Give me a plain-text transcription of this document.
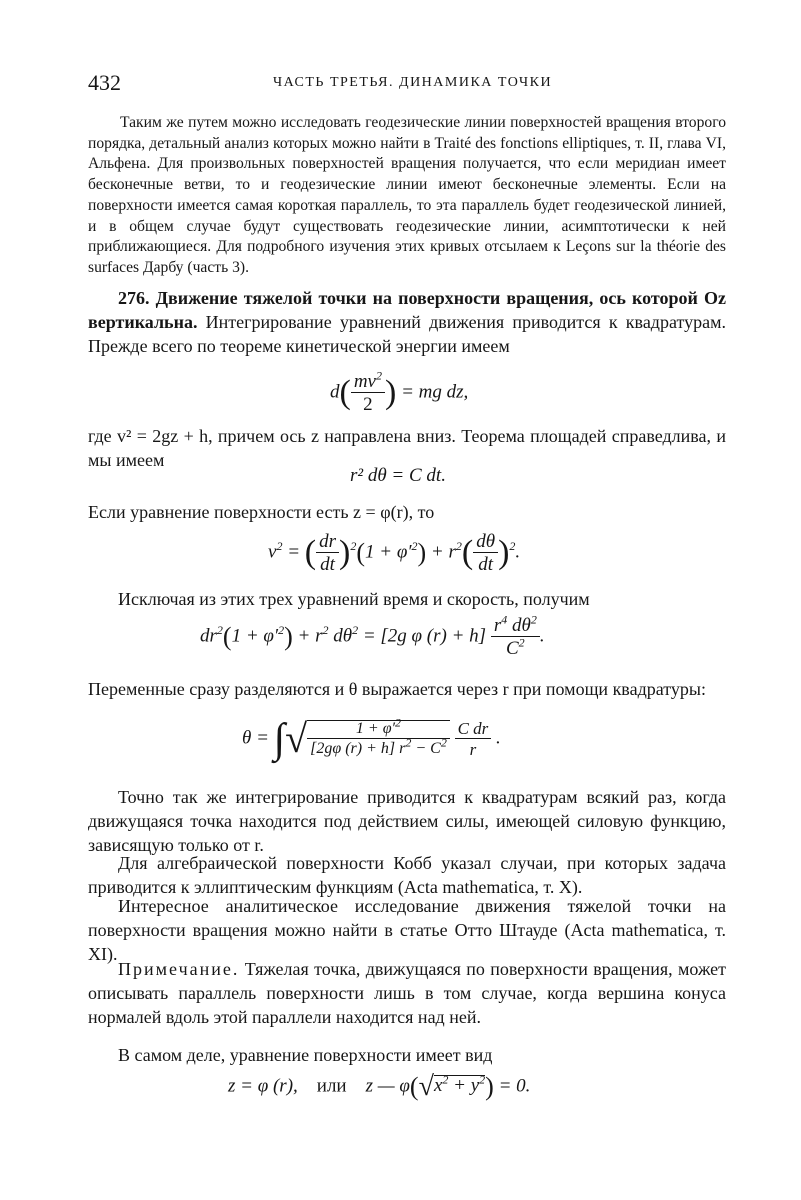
432	ЧАСТЬ ТРЕТЬЯ. ДИНАМИКА ТОЧКИ

Таким же путем можно исследовать геодезические линии поверхностей вращения второго порядка, детальный анализ которых можно найти в Traité des fonctions elliptiques, т. II, глава VI, Альфена. Для произвольных поверхностей вращения получается, что если меридиан имеет бесконечные ветви, то и геодезические линии имеют бесконечные элементы. Если на поверхности имеется самая короткая параллель, то эта параллель будет геодезической линией, и в общем случае будут существовать геодезические линии, асимптотически к ней приближающиеся. Для подробного изучения этих кривых отсылаем к Leçons sur la théorie des surfaces Дарбу (часть 3).

276. Движение тяжелой точки на поверхности вращения, ось которой Oz вертикальна. Интегрирование уравнений движения приводится к квадратурам. Прежде всего по теореме кинетической энергии имеем

$d( \frac{mv^2}{2}$ ) = mg dz,

где v² = 2gz + h, причем ось z направлена вниз. Теорема площадей справедлива, и мы имеем

r² dθ = C dt.

Если уравнение поверхности есть z = φ(r), то

$v^2$ = ( $\frac{dr}{dt} )^2(1 + \varphi'^2) + r^2( \frac{d\theta}{dt} )^2$.

Исключая из этих трех уравнений время и скорость, получим

$dr^2(1 + \varphi'^2) + r^2$ $d\theta^2 = [2g$ φ $(r) + h] \frac{r^4 d\theta^2}{C^2}$ .

Переменные сразу разделяются и θ выражается через r при помощи квадратуры:

θ = ∫√ $\frac{1 + \varphi'^2}{[2g\varphi (r) + h] r^2 - C^2}$
$\frac{\text{C dr}}{r}$ .

Точно так же интегрирование приводится к квадратурам всякий раз, когда движущаяся точка находится под действием силы, имеющей силовую функцию, зависящую только от r.

Для алгебраической поверхности Кобб указал случаи, при которых задача приводится к эллиптическим функциям (Acta mathematica, т. X).

Интересное аналитическое исследование движения тяжелой точки на поверхности вращения можно найти в статье Отто Штауде (Acta mathematica, т. XI).

Примечание. Тяжелая точка, движущаяся по поверхности вращения, может описывать параллель поверхности лишь в том случае, когда вершина конуса нормалей вдоль этой параллели находится над ней.

В самом деле, уравнение поверхности имеет вид

z = φ (r),    или    z — $\varphi(√x^2 + y^2) = 0$.
